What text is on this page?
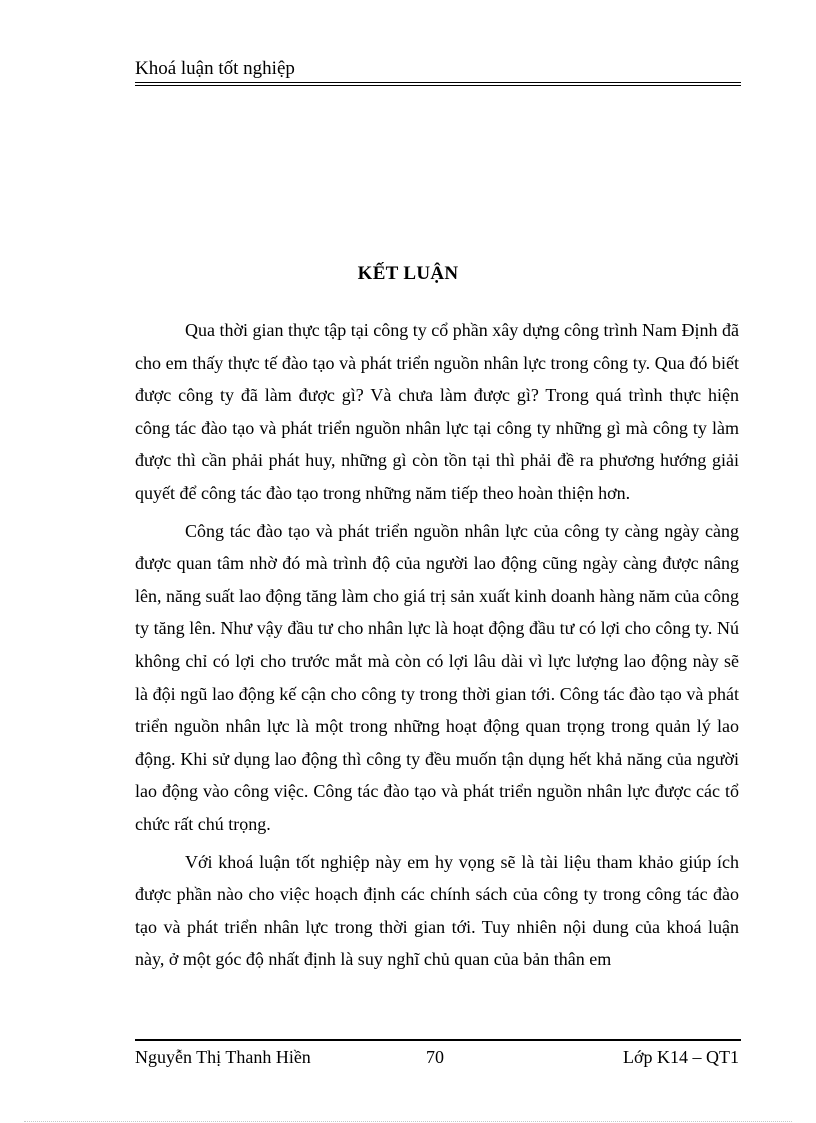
Khoá luận tốt nghiệp
KẾT LUẬN

Qua thời gian thực tập tại công ty cổ phần xây dựng công trình Nam Định đã cho em thấy thực tế đào tạo và phát triển nguồn nhân lực trong công ty. Qua đó biết được công ty đã làm được gì? Và chưa làm được gì? Trong quá trình thực hiện công tác đào tạo và phát triển nguồn nhân lực tại công ty những gì mà công ty làm được thì cần phải phát huy, những gì còn tồn tại thì phải đề ra phương hướng giải quyết để công tác đào tạo trong những năm tiếp theo hoàn thiện hơn.

Công tác đào tạo và phát triển nguồn nhân lực của công ty càng ngày càng được quan tâm nhờ đó mà trình độ của người lao động cũng ngày càng được nâng lên, năng suất lao động tăng làm cho giá trị sản xuất kinh doanh hàng năm của công ty tăng lên. Như vậy đầu tư cho nhân lực là hoạt động đầu tư có lợi cho công ty. Nú không chỉ có lợi cho trước mắt mà còn có lợi lâu dài vì lực lượng lao động này sẽ là đội ngũ lao động kế cận cho công ty trong thời gian tới. Công tác đào tạo và phát triển nguồn nhân lực là một trong những hoạt động quan trọng trong quản lý lao động. Khi sử dụng lao động thì công ty đều muốn tận dụng hết khả năng của người lao động vào công việc. Công tác đào tạo và phát triển nguồn nhân lực được các tổ chức rất chú trọng.

Với khoá luận tốt nghiệp này em hy vọng sẽ là tài liệu tham khảo giúp ích được phần nào cho việc hoạch định các chính sách của công ty trong công tác đào tạo và phát triển nhân lực trong thời gian tới. Tuy nhiên nội dung của khoá luận này, ở một góc độ nhất định là suy nghĩ chủ quan của bản thân em

Nguyễn Thị Thanh Hiền	70	Lớp K14 – QT1
